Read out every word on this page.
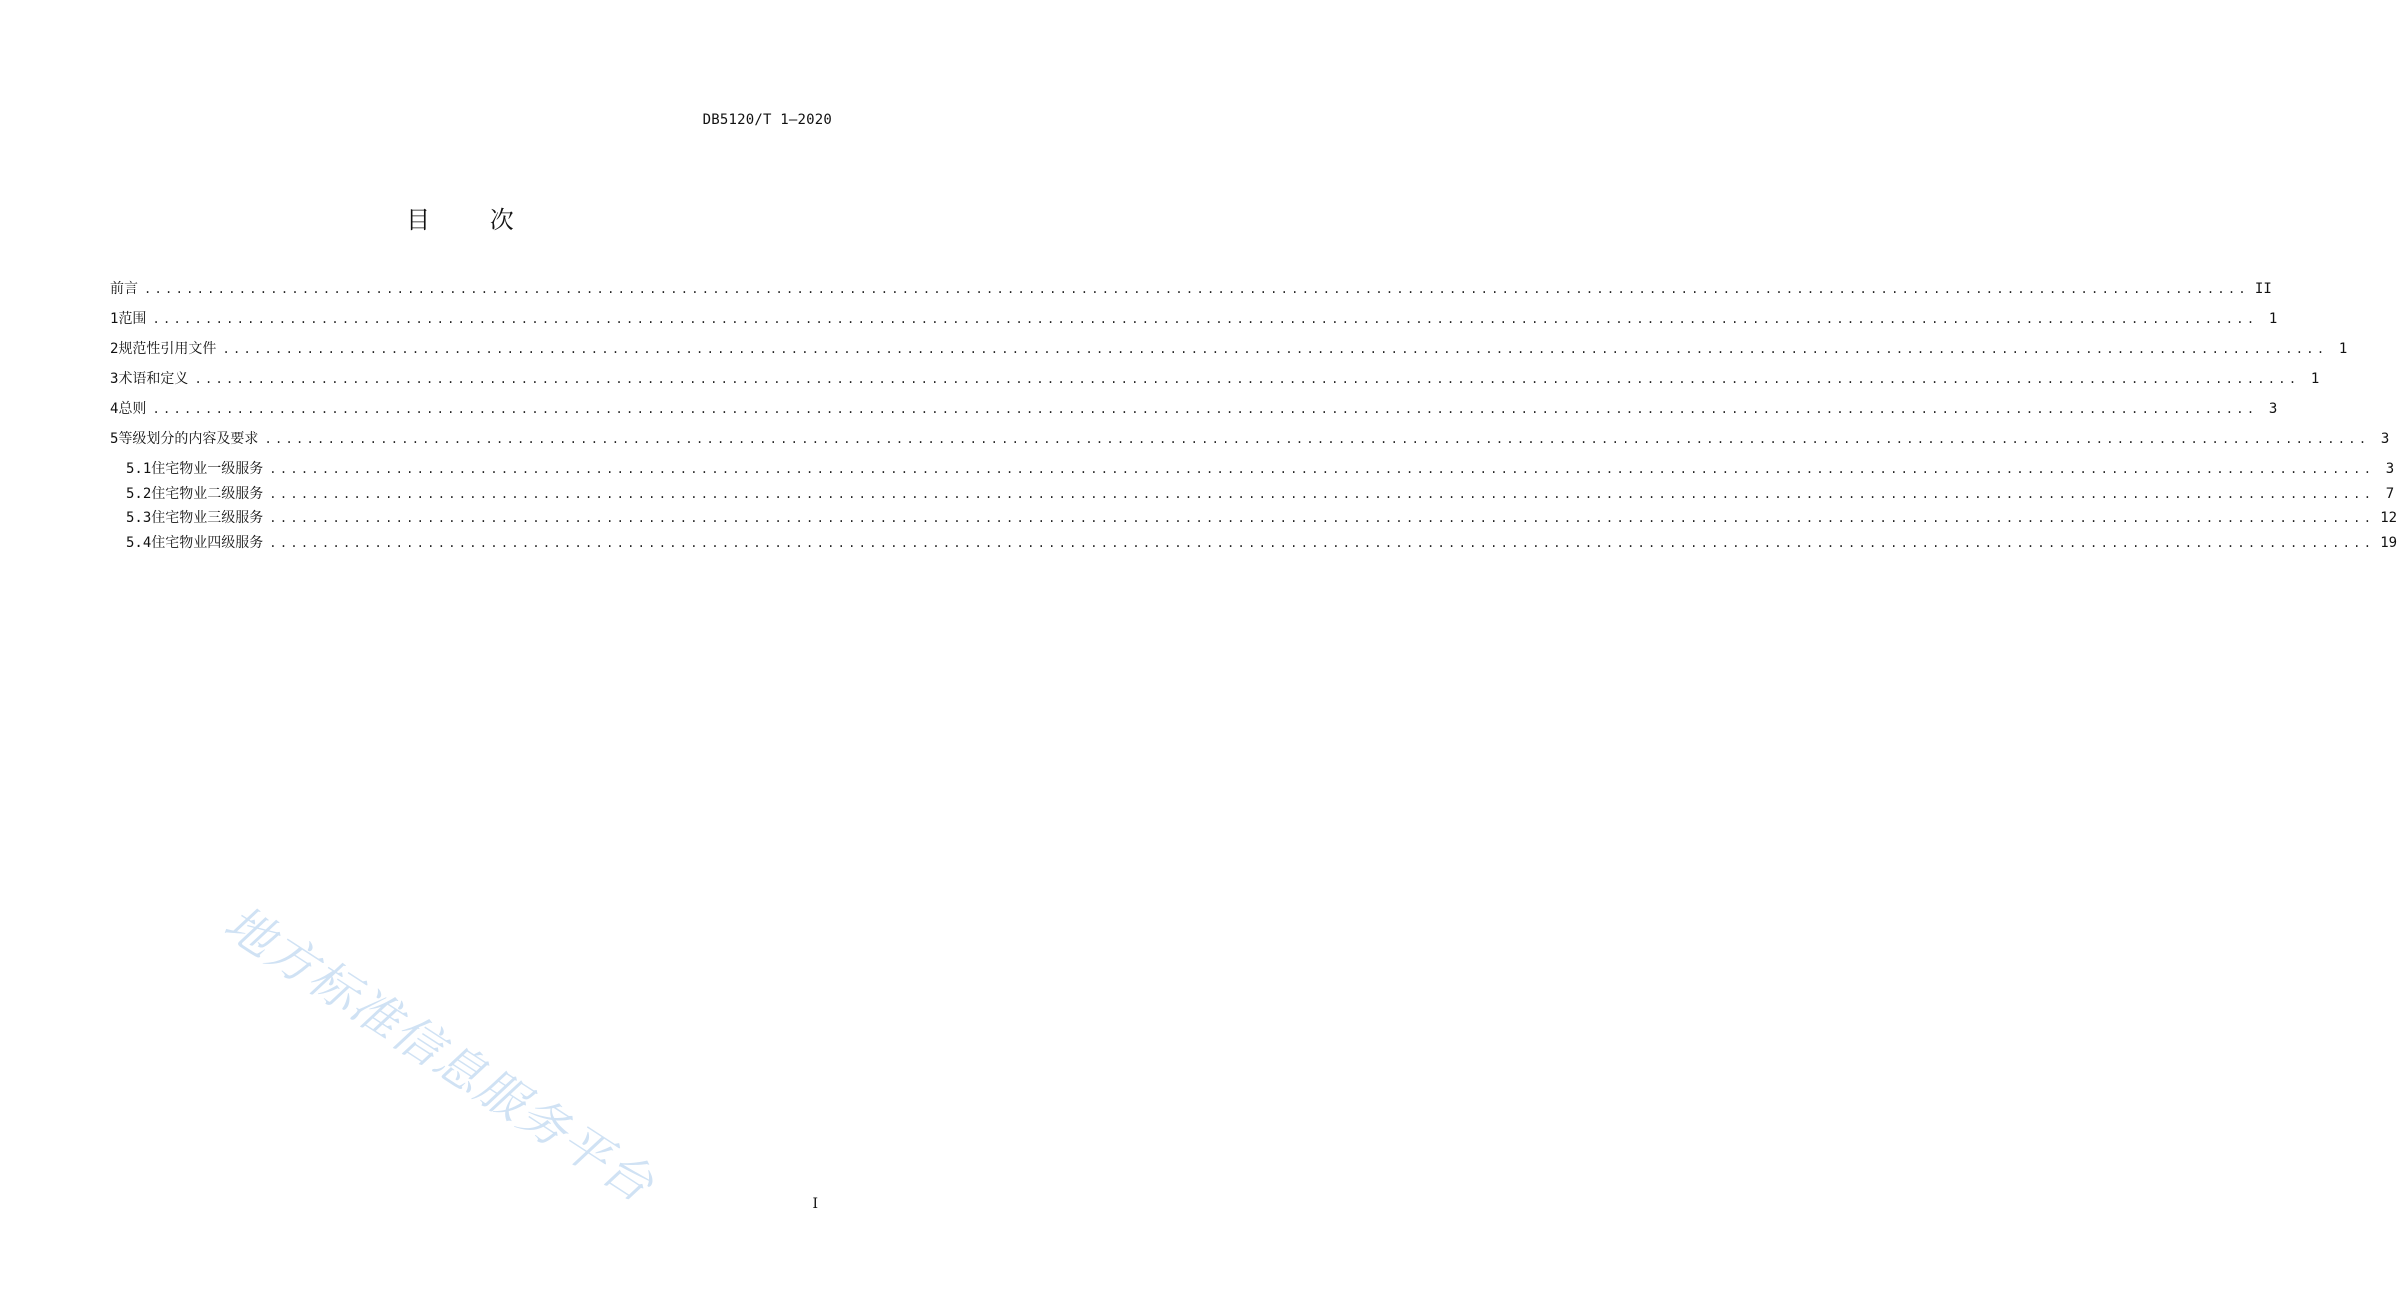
DB5120/T 1—2020
目 次
前言 ........................................................................................................................................................................................................ II
1 范围 ........................................................................................................................................................................................................ 1
2 规范性引用文件 ........................................................................................................................................................................................................ 1
3 术语和定义 ........................................................................................................................................................................................................ 1
4 总则 ........................................................................................................................................................................................................ 3
5 等级划分的内容及要求 ........................................................................................................................................................................................................ 3
5.1 住宅物业一级服务 ........................................................................................................................................................................................................ 3
5.2 住宅物业二级服务 ........................................................................................................................................................................................................ 7
5.3 住宅物业三级服务 ........................................................................................................................................................................................................ 12
5.4 住宅物业四级服务 ........................................................................................................................................................................................................ 19
地方标准信息服务平台	I
